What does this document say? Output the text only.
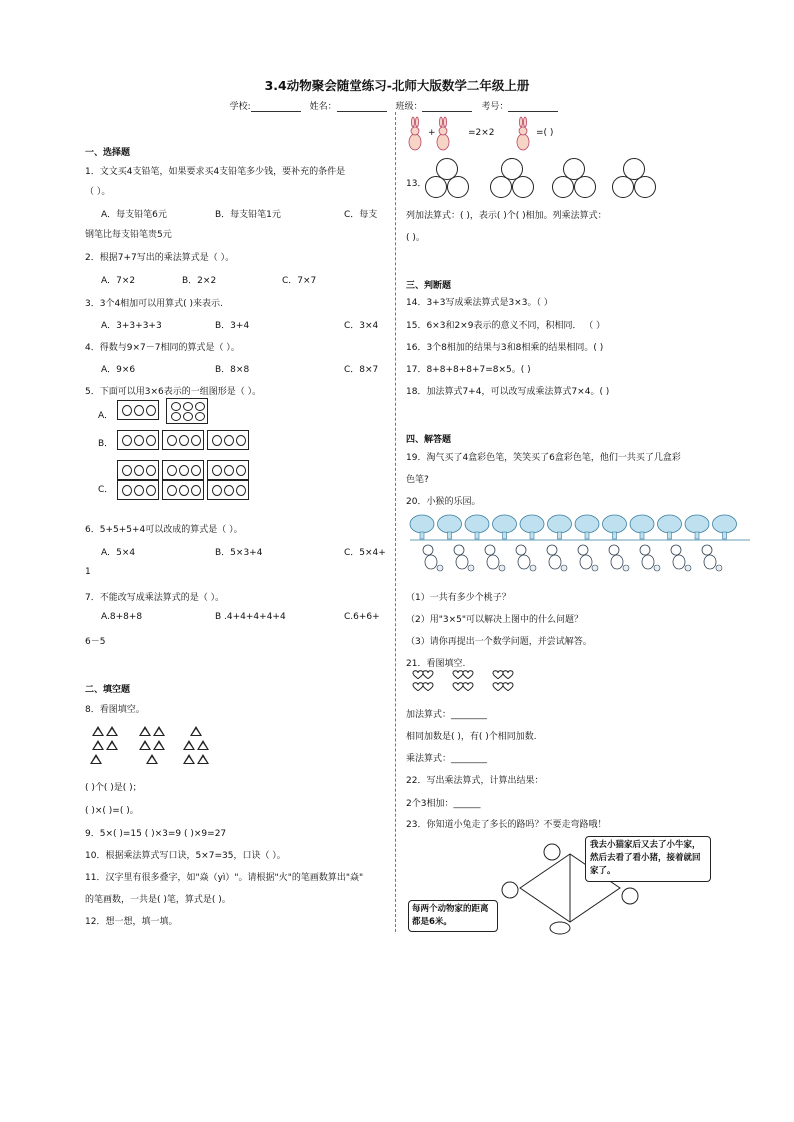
3.4动物聚会随堂练习-北师大版数学二年级上册
学校:	姓名：	班级：	考号：
一、选择题
1．文文买4支铅笔，如果要求买4支铅笔多少钱，要补充的条件是
（ ）。
A．每支铅笔6元	B．每支铅笔1元	C．每支
钢笔比每支铅笔贵5元
2．根据7+7写出的乘法算式是（ ）。
A．7×2	B．2×2	C．7×7
3．3个4相加可以用算式( )来表示.
A．3+3+3+3	B．3+4	C．3×4
4．得数与9×7－7相同的算式是（ ）。
A．9×6	B．8×8	C．8×7
5．下面可以用3×6表示的一组图形是（ ）。
A．
B．
C．
6．5+5+5+4可以改成的算式是（ ）。
A．5×4	B．5×3+4	C．5×4+
1
7．不能改写成乘法算式的是（ ）。
A.8+8+8	B .4+4+4+4+4	C.6+6+
6－5
二、填空题
8．看图填空。
( )个( )是( )；
( )×( )=( )。
9．5×( )=15 ( )×3=9 ( )×9=27
10．根据乘法算式写口诀，5×7=35，口诀（ ）。
11．汉字里有很多叠字，如"焱（yì）"。请根据"火"的笔画数算出"焱"
的笔画数，一共是( )笔，算式是( )。
12．想一想，填一填。
+	=2×2	=( )
13．
列加法算式：( )，表示( )个( )相加。列乘法算式：
( )。
三、判断题
14．3+3写成乘法算式是3×3。（ ）
15．6×3和2×9表示的意义不同，积相同． （ ）
16．3个8相加的结果与3和8相乘的结果相同。( )
17．8+8+8+8+7=8×5。( )
18．加法算式7+4，可以改写成乘法算式7×4。( )
四、解答题
19．淘气买了4盒彩色笔，笑笑买了6盒彩色笔，他们一共买了几盒彩
色笔?
20．小猴的乐园。
（1）一共有多少个桃子？
（2）用"3×5"可以解决上图中的什么问题？
（3）请你再提出一个数学问题，并尝试解答。
21．看图填空.
加法算式：________
相同加数是( )，有( )个相同加数.
乘法算式：________
22．写出乘法算式，计算出结果：
2个3相加：______
23．你知道小兔走了多长的路吗？不要走弯路哦！
我去小猫家后又去了小牛家，然后去看了看小猪，接着就回家了。
每两个动物家的距离都是6米。
